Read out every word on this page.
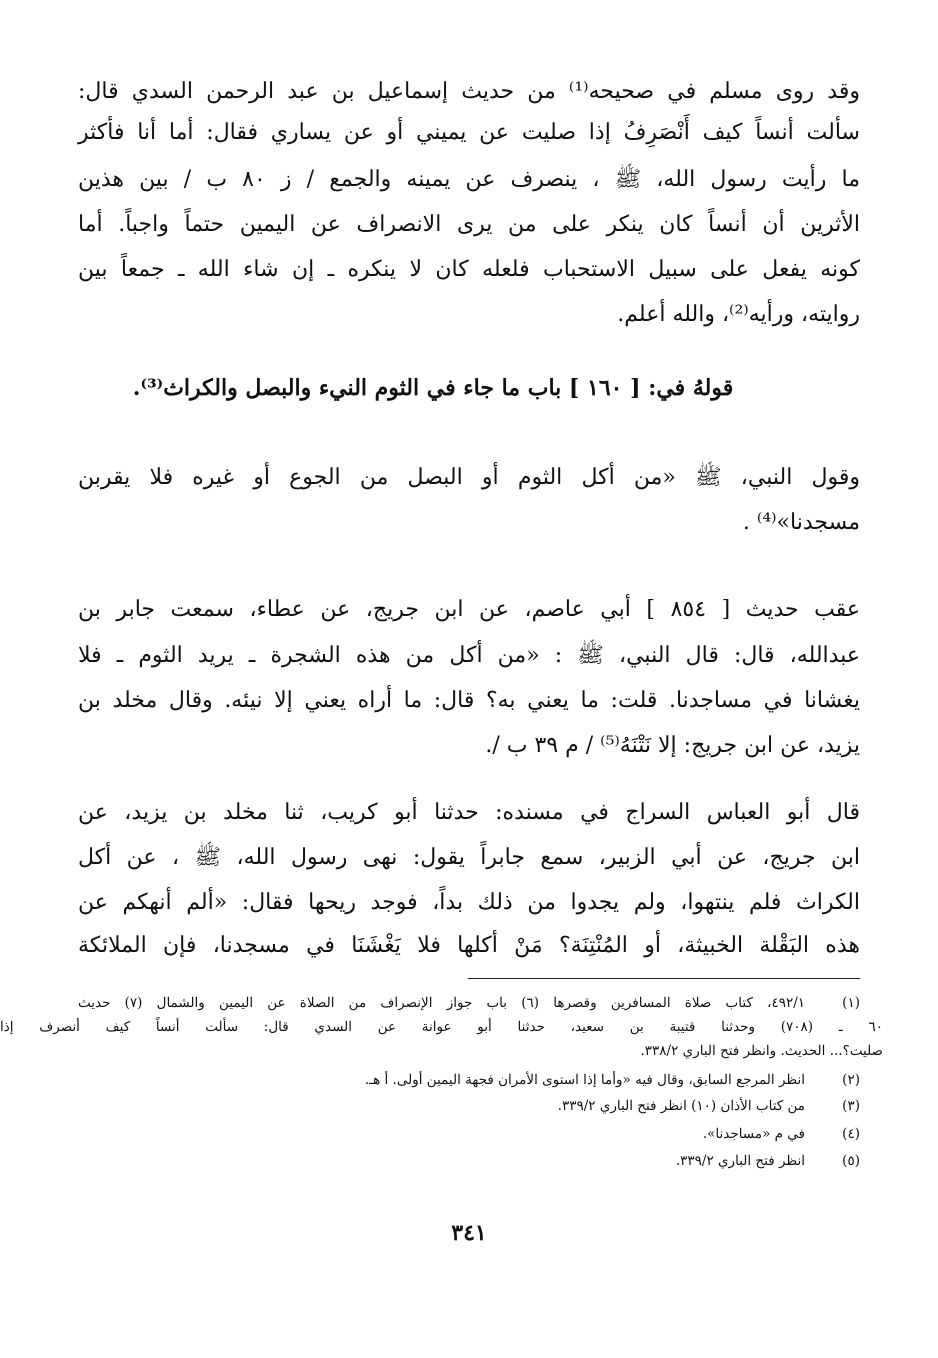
وقد روى مسلم في صحيحه⁽¹⁾ من حديث إسماعيل بن عبد الرحمن السدي قال:
سألت أنساً كيف أَنْصَرِفُ إذا صليت عن يميني أو عن يساري فقال: أما أنا فأكثر
ما رأيت رسول الله، ﷺ ، ينصرف عن يمينه والجمع / ز ٨٠ ب / بين هذين
الأثرين أن أنساً كان ينكر على من يرى الانصراف عن اليمين حتماً واجباً. أما
كونه يفعل على سبيل الاستحباب فلعله كان لا ينكره ـ إن شاء الله ـ جمعاً بين
روايته، ورأيه⁽²⁾، والله أعلم.
قولهُ في: [ ١٦٠ ] باب ما جاء في الثوم النيء والبصل والكراث⁽³⁾.
وقول النبي، ﷺ «من أكل الثوم أو البصل من الجوع أو غيره فلا يقربن
مسجدنا»⁽⁴⁾ .
عقب حديث [ ٨٥٤ ] أبي عاصم، عن ابن جريج، عن عطاء، سمعت جابر بن
عبدالله، قال: قال النبي، ﷺ : «من أكل من هذه الشجرة ـ يريد الثوم ـ فلا
يغشانا في مساجدنا. قلت: ما يعني به؟ قال: ما أراه يعني إلا نيئه. وقال مخلد بن
يزيد، عن ابن جريج: إلا نَتْنَهُ⁽⁵⁾ / م ٣٩ ب /.
قال أبو العباس السراج في مسنده: حدثنا أبو كريب، ثنا مخلد بن يزيد، عن
ابن جريج، عن أبي الزبير، سمع جابراً يقول: نهى رسول الله، ﷺ ، عن أكل
الكراث فلم ينتهوا، ولم يجدوا من ذلك بداً، فوجد ريحها فقال: «ألم أنهكم عن
هذه البَقْلة الخبيثة، أو المُنْتِنَة؟ مَنْ أكلها فلا يَغْشَنَا في مسجدنا، فإن الملائكة
(١)
٤٩٢/١، كتاب صلاة المسافرين وقصرها (٦) باب جواز الإنصراف من الصلاة عن اليمين والشمال (٧) حديث
٦٠ ـ (٧٠٨) وحدثنا قتيبة بن سعيد، حدثنا أبو عوانة عن السدي قال: سألت أنساً كيف أنصرف إذا
صليت؟... الحديث. وانظر فتح الباري ٣٣٨/٢.
(٢)
انظر المرجع السابق، وقال فيه «وأما إذا استوى الأمران فجهة اليمين أولى. أ هـ.
(٣)
من كتاب الأذان (١٠) انظر فتح الباري ٣٣٩/٢.
(٤)
في م «مساجدنا».
(٥)
انظر فتح الباري ٣٣٩/٢.
٣٤١
